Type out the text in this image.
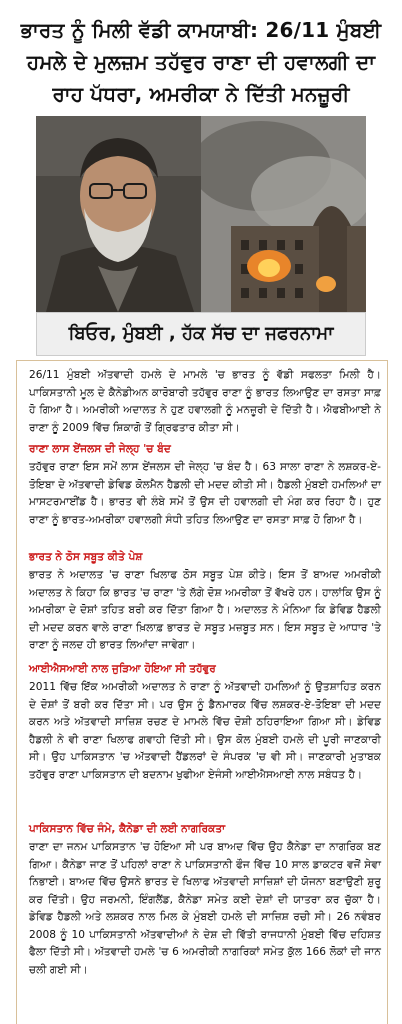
ਭਾਰਤ ਨੂੰ ਮਿਲੀ ਵੱਡੀ ਕਾਮਯਾਬੀ: 26/11 ਮੁੰਬਈ ਹਮਲੇ ਦੇ ਮੁਲਜ਼ਮ ਤਹੱਵੁਰ ਰਾਣਾ ਦੀ ਹਵਾਲਗੀ ਦਾ ਰਾਹ ਪੱਧਰਾ, ਅਮਰੀਕਾ ਨੇ ਦਿੱਤੀ ਮਨਜ਼ੂਰੀ
ਬਿਓਰ, ਮੁੰਬਈ , ਹੱਕ ਸੱਚ ਦਾ ਜਫਰਨਾਮਾ
26/11 ਮੁੰਬਈ ਅੱਤਵਾਦੀ ਹਮਲੇ ਦੇ ਮਾਮਲੇ 'ਚ ਭਾਰਤ ਨੂੰ ਵੱਡੀ ਸਫਲਤਾ ਮਿਲੀ ਹੈ। ਪਾਕਿਸਤਾਨੀ ਮੂਲ ਦੇ ਕੈਨੇਡੀਅਨ ਕਾਰੋਬਾਰੀ ਤਹੱਵੁਰ ਰਾਣਾ ਨੂੰ ਭਾਰਤ ਲਿਆਉਣ ਦਾ ਰਸਤਾ ਸਾਫ਼ ਹੋ ਗਿਆ ਹੈ। ਅਮਰੀਕੀ ਅਦਾਲਤ ਨੇ ਹੁਣ ਹਵਾਲਗੀ ਨੂੰ ਮਨਜ਼ੂਰੀ ਦੇ ਦਿੱਤੀ ਹੈ। ਐਫਬੀਆਈ ਨੇ ਰਾਣਾ ਨੂੰ 2009 ਵਿੱਚ ਸ਼ਿਕਾਗੋ ਤੋਂ ਗ੍ਰਿਫਤਾਰ ਕੀਤਾ ਸੀ।
ਰਾਣਾ ਲਾਸ ਏਂਜਲਸ ਦੀ ਜੇਲ੍ਹ 'ਚ ਬੰਦ
ਤਹੱਵੁਰ ਰਾਣਾ ਇਸ ਸਮੇਂ ਲਾਸ ਏਂਜਲਸ ਦੀ ਜੇਲ੍ਹ 'ਚ ਬੰਦ ਹੈ। 63 ਸਾਲਾ ਰਾਣਾ ਨੇ ਲਸ਼ਕਰ-ਏ-ਤੋਇਬਾ ਦੇ ਅੱਤਵਾਦੀ ਡੇਵਿਡ ਕੋਲਮੈਨ ਹੈਡਲੀ ਦੀ ਮਦਦ ਕੀਤੀ ਸੀ। ਹੈਡਲੀ ਮੁੰਬਈ ਹਮਲਿਆਂ ਦਾ ਮਾਸਟਰਮਾਈਂਡ ਹੈ। ਭਾਰਤ ਵੀ ਲੰਬੇ ਸਮੇਂ ਤੋਂ ਉਸ ਦੀ ਹਵਾਲਗੀ ਦੀ ਮੰਗ ਕਰ ਰਿਹਾ ਹੈ। ਹੁਣ ਰਾਣਾ ਨੂੰ ਭਾਰਤ-ਅਮਰੀਕਾ ਹਵਾਲਗੀ ਸੰਧੀ ਤਹਿਤ ਲਿਆਉਣ ਦਾ ਰਸਤਾ ਸਾਫ਼ ਹੋ ਗਿਆ ਹੈ।
ਭਾਰਤ ਨੇ ਠੋਸ ਸਬੂਤ ਕੀਤੇ ਪੇਸ਼
ਭਾਰਤ ਨੇ ਅਦਾਲਤ 'ਚ ਰਾਣਾ ਖਿਲਾਫ ਠੋਸ ਸਬੂਤ ਪੇਸ਼ ਕੀਤੇ। ਇਸ ਤੋਂ ਬਾਅਦ ਅਮਰੀਕੀ ਅਦਾਲਤ ਨੇ ਕਿਹਾ ਕਿ ਭਾਰਤ 'ਚ ਰਾਣਾ 'ਤੇ ਲੱਗੇ ਦੋਸ਼ ਅਮਰੀਕਾ ਤੋਂ ਵੱਖਰੇ ਹਨ। ਹਾਲਾਂਕਿ ਉਸ ਨੂੰ ਅਮਰੀਕਾ ਦੇ ਦੋਸ਼ਾਂ ਤਹਿਤ ਬਰੀ ਕਰ ਦਿੱਤਾ ਗਿਆ ਹੈ। ਅਦਾਲਤ ਨੇ ਮੰਨਿਆ ਕਿ ਡੇਵਿਡ ਹੈਡਲੀ ਦੀ ਮਦਦ ਕਰਨ ਵਾਲੇ ਰਾਣਾ ਖ਼ਿਲਾਫ਼ ਭਾਰਤ ਦੇ ਸਬੂਤ ਮਜ਼ਬੂਤ ਸਨ। ਇਸ ਸਬੂਤ ਦੇ ਆਧਾਰ 'ਤੇ ਰਾਣਾ ਨੂੰ ਜਲਦ ਹੀ ਭਾਰਤ ਲਿਆਂਦਾ ਜਾਵੇਗਾ।
ਆਈਐਸਆਈ ਨਾਲ ਜੁੜਿਆ ਹੋਇਆ ਸੀ ਤਹੱਵੁਰ
2011 ਵਿੱਚ ਇੱਕ ਅਮਰੀਕੀ ਅਦਾਲਤ ਨੇ ਰਾਣਾ ਨੂੰ ਅੱਤਵਾਦੀ ਹਮਲਿਆਂ ਨੂੰ ਉਤਸ਼ਾਹਿਤ ਕਰਨ ਦੇ ਦੋਸ਼ਾਂ ਤੋਂ ਬਰੀ ਕਰ ਦਿੱਤਾ ਸੀ। ਪਰ ਉਸ ਨੂੰ ਡੈਨਮਾਰਕ ਵਿੱਚ ਲਸ਼ਕਰ-ਏ-ਤੋਇਬਾ ਦੀ ਮਦਦ ਕਰਨ ਅਤੇ ਅੱਤਵਾਦੀ ਸਾਜ਼ਿਸ਼ ਰਚਣ ਦੇ ਮਾਮਲੇ ਵਿੱਚ ਦੋਸ਼ੀ ਠਹਿਰਾਇਆ ਗਿਆ ਸੀ। ਡੇਵਿਡ ਹੈਡਲੀ ਨੇ ਵੀ ਰਾਣਾ ਖਿਲਾਫ ਗਵਾਹੀ ਦਿੱਤੀ ਸੀ। ਉਸ ਕੋਲ ਮੁੰਬਈ ਹਮਲੇ ਦੀ ਪੂਰੀ ਜਾਣਕਾਰੀ ਸੀ। ਉਹ ਪਾਕਿਸਤਾਨ 'ਚ ਅੱਤਵਾਦੀ ਹੈਂਡਲਰਾਂ ਦੇ ਸੰਪਰਕ 'ਚ ਵੀ ਸੀ। ਜਾਣਕਾਰੀ ਮੁਤਾਬਕ ਤਹੱਵੁਰ ਰਾਣਾ ਪਾਕਿਸਤਾਨ ਦੀ ਬਦਨਾਮ ਖੁਫੀਆ ਏਜੰਸੀ ਆਈਐਸਆਈ ਨਾਲ ਸਬੰਧਤ ਹੈ।
ਪਾਕਿਸਤਾਨ ਵਿੱਚ ਜੰਮੇ, ਕੈਨੇਡਾ ਦੀ ਲਈ ਨਾਗਰਿਕਤਾ
ਰਾਣਾ ਦਾ ਜਨਮ ਪਾਕਿਸਤਾਨ 'ਚ ਹੋਇਆ ਸੀ ਪਰ ਬਾਅਦ ਵਿੱਚ ਉਹ ਕੈਨੇਡਾ ਦਾ ਨਾਗਰਿਕ ਬਣ ਗਿਆ। ਕੈਨੇਡਾ ਜਾਣ ਤੋਂ ਪਹਿਲਾਂ ਰਾਣਾ ਨੇ ਪਾਕਿਸਤਾਨੀ ਫੌਜ ਵਿੱਚ 10 ਸਾਲ ਡਾਕਟਰ ਵਜੋਂ ਸੇਵਾ ਨਿਭਾਈ। ਬਾਅਦ ਵਿੱਚ ਉਸਨੇ ਭਾਰਤ ਦੇ ਖਿਲਾਫ ਅੱਤਵਾਦੀ ਸਾਜ਼ਿਸ਼ਾਂ ਦੀ ਯੋਜਨਾ ਬਣਾਉਣੀ ਸ਼ੁਰੂ ਕਰ ਦਿੱਤੀ। ਉਹ ਜਰਮਨੀ, ਇੰਗਲੈਂਡ, ਕੈਨੇਡਾ ਸਮੇਤ ਕਈ ਦੇਸ਼ਾਂ ਦੀ ਯਾਤਰਾ ਕਰ ਚੁੱਕਾ ਹੈ। ਡੇਵਿਡ ਹੈਡਲੀ ਅਤੇ ਲਸ਼ਕਰ ਨਾਲ ਮਿਲ ਕੇ ਮੁੰਬਈ ਹਮਲੇ ਦੀ ਸਾਜ਼ਿਸ਼ ਰਚੀ ਸੀ। 26 ਨਵੰਬਰ 2008 ਨੂੰ 10 ਪਾਕਿਸਤਾਨੀ ਅੱਤਵਾਦੀਆਂ ਨੇ ਦੇਸ਼ ਦੀ ਵਿੱਤੀ ਰਾਜਧਾਨੀ ਮੁੰਬਈ ਵਿੱਚ ਦਹਿਸ਼ਤ ਫੈਲਾ ਦਿੱਤੀ ਸੀ। ਅੱਤਵਾਦੀ ਹਮਲੇ 'ਚ 6 ਅਮਰੀਕੀ ਨਾਗਰਿਕਾਂ ਸਮੇਤ ਕੁੱਲ 166 ਲੋਕਾਂ ਦੀ ਜਾਨ ਚਲੀ ਗਈ ਸੀ।
